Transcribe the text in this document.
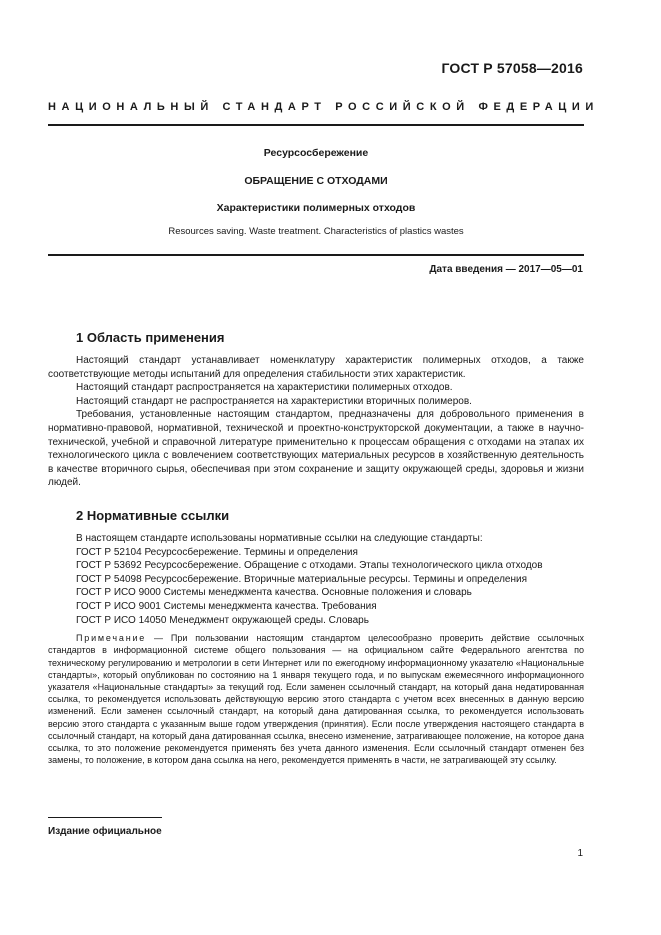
ГОСТ Р 57058—2016
НАЦИОНАЛЬНЫЙ СТАНДАРТ РОССИЙСКОЙ ФЕДЕРАЦИИ
Ресурсосбережение
ОБРАЩЕНИЕ С ОТХОДАМИ
Характеристики полимерных отходов
Resources saving. Waste treatment. Characteristics of plastics wastes
Дата введения — 2017—05—01
1 Область применения

Настоящий стандарт устанавливает номенклатуру характеристик полимерных отходов, а также соответствующие методы испытаний для определения стабильности этих характеристик.

Настоящий стандарт распространяется на характеристики полимерных отходов.

Настоящий стандарт не распространяется на характеристики вторичных полимеров.

Требования, установленные настоящим стандартом, предназначены для добровольного применения в нормативно-правовой, нормативной, технической и проектно-конструкторской документации, а также в научно-технической, учебной и справочной литературе применительно к процессам обращения с отходами на этапах их технологического цикла с вовлечением соответствующих материальных ресурсов в хозяйственную деятельность в качестве вторичного сырья, обеспечивая при этом сохранение и защиту окружающей среды, здоровья и жизни людей.

2 Нормативные ссылки

В настоящем стандарте использованы нормативные ссылки на следующие стандарты:

ГОСТ Р 52104 Ресурсосбережение. Термины и определения

ГОСТ Р 53692 Ресурсосбережение. Обращение с отходами. Этапы технологического цикла отходов

ГОСТ Р 54098 Ресурсосбережение. Вторичные материальные ресурсы. Термины и определения

ГОСТ Р ИСО 9000 Системы менеджмента качества. Основные положения и словарь

ГОСТ Р ИСО 9001 Системы менеджмента качества. Требования

ГОСТ Р ИСО 14050 Менеджмент окружающей среды. Словарь

Примечание — При пользовании настоящим стандартом целесообразно проверить действие ссылочных стандартов в информационной системе общего пользования — на официальном сайте Федерального агентства по техническому регулированию и метрологии в сети Интернет или по ежегодному информационному указателю «Национальные стандарты», который опубликован по состоянию на 1 января текущего года, и по выпускам ежемесячного информационного указателя «Национальные стандарты» за текущий год. Если заменен ссылочный стандарт, на который дана недатированная ссылка, то рекомендуется использовать действующую версию этого стандарта с учетом всех внесенных в данную версию изменений. Если заменен ссылочный стандарт, на который дана датированная ссылка, то рекомендуется использовать версию этого стандарта с указанным выше годом утверждения (принятия). Если после утверждения настоящего стандарта в ссылочный стандарт, на который дана датированная ссылка, внесено изменение, затрагивающее положение, на которое дана ссылка, то это положение рекомендуется применять без учета данного изменения. Если ссылочный стандарт отменен без замены, то положение, в котором дана ссылка на него, рекомендуется применять в части, не затрагивающей эту ссылку.

Издание официальное
1
